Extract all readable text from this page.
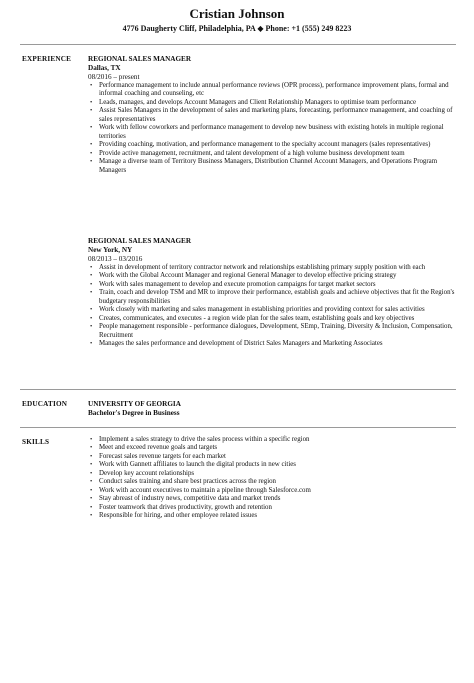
Cristian Johnson
4776 Daugherty Cliff, Philadelphia, PA ◆ Phone: +1 (555) 249 8223
EXPERIENCE REGIONAL SALES MANAGER
Dallas, TX
08/2016 – present
• Performance management to include annual performance reviews (OPR process), performance improvement plans, formal and informal coaching and counseling, etc
• Leads, manages, and develops Account Managers and Client Relationship Managers to optimise team performance
• Assist Sales Managers in the development of sales and marketing plans, forecasting, performance management, and coaching of sales representatives
• Work with fellow coworkers and performance management to develop new business with existing hotels in multiple regional territories
• Providing coaching, motivation, and performance management to the specialty account managers (sales representatives)
• Provide active management, recruitment, and talent development of a high volume business development team
• Manage a diverse team of Territory Business Managers, Distribution Channel Account Managers, and Operations Program Managers
REGIONAL SALES MANAGER
New York, NY
08/2013 – 03/2016
• Assist in development of territory contractor network and relationships establishing primary supply position with each
• Work with the Global Account Manager and regional General Manager to develop effective pricing strategy
• Work with sales management to develop and execute promotion campaigns for target market sectors
• Train, coach and develop TSM and MR to improve their performance, establish goals and achieve objectives that fit the Region's budgetary responsibilities
• Work closely with marketing and sales management in establishing priorities and providing context for sales activities
• Creates, communicates, and executes - a region wide plan for the sales team, establishing goals and key objectives
• People management responsible - performance dialogues, Development, SEmp, Training, Diversity & Inclusion, Compensation, Recruitment
• Manages the sales performance and development of District Sales Managers and Marketing Associates
EDUCATION	UNIVERSITY OF GEORGIA
Bachelor's Degree in Business
SKILLS	• Implement a sales strategy to drive the sales process within a specific region
• Meet and exceed revenue goals and targets
• Forecast sales revenue targets for each market
• Work with Gannett affiliates to launch the digital products in new cities
• Develop key account relationships
• Conduct sales training and share best practices across the region
• Work with account executives to maintain a pipeline through Salesforce.com
• Stay abreast of industry news, competitive data and market trends
• Foster teamwork that drives productivity, growth and retention
• Responsible for hiring, and other employee related issues
